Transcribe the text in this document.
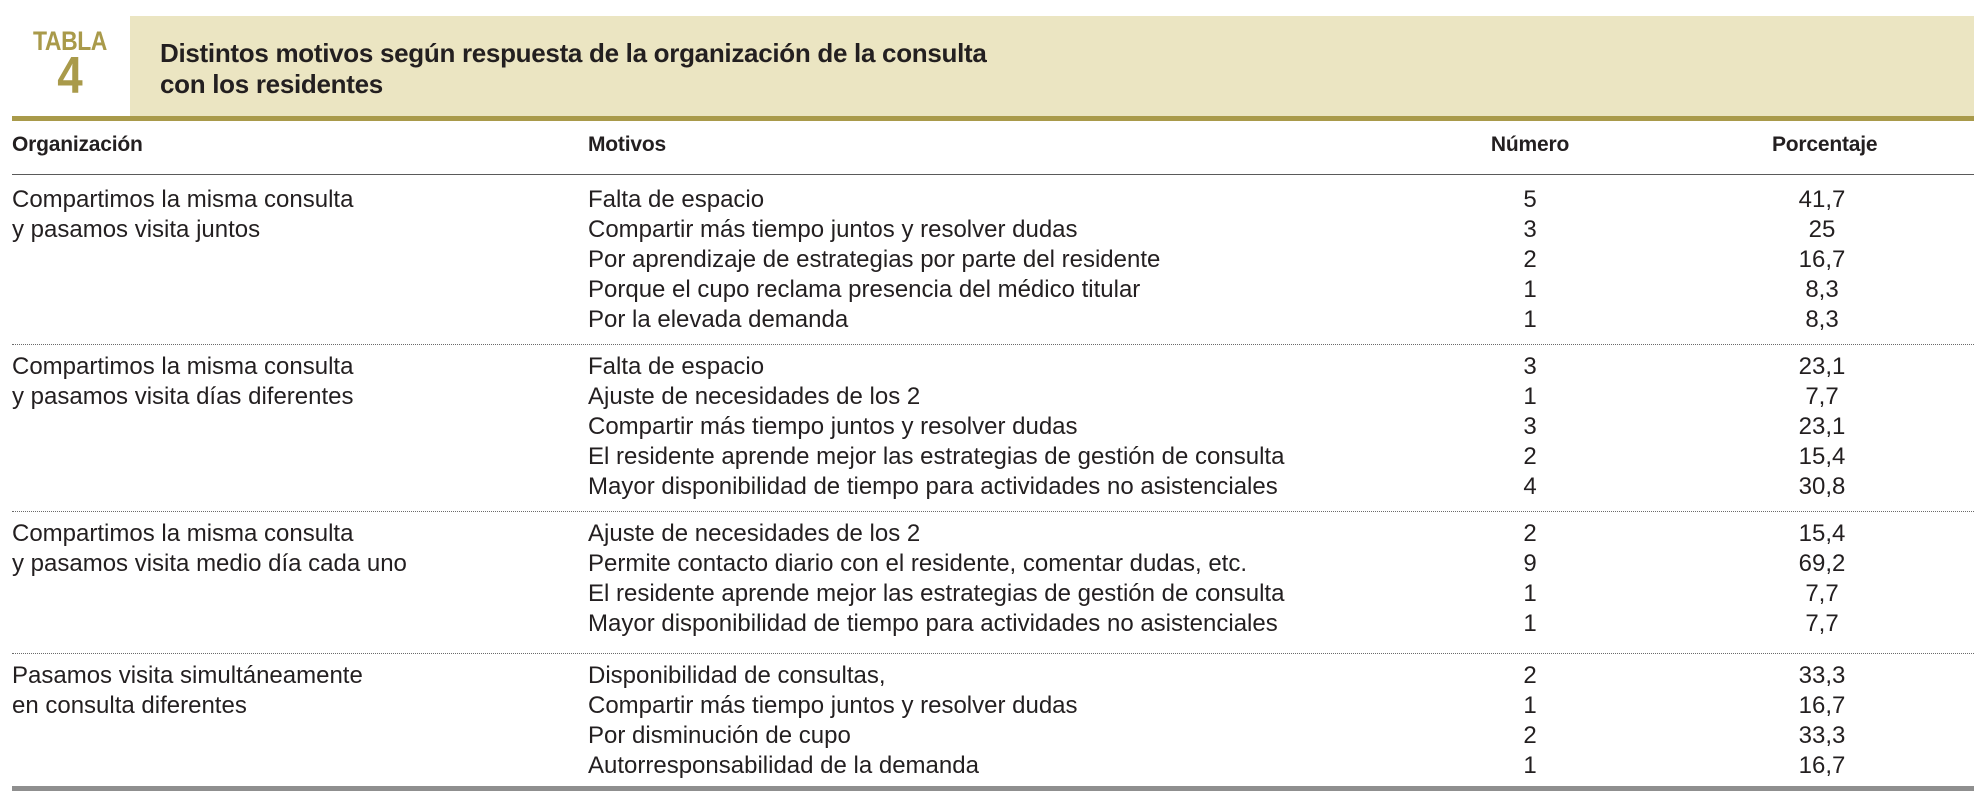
TABLA
4	Distintos motivos según respuesta de la organización de la consulta
con los residentes
Organización	Motivos	Número	Porcentaje
Compartimos la misma consulta
y pasamos visita juntos
Falta de espacio	5	41,7
Compartir más tiempo juntos y resolver dudas	3	25
Por aprendizaje de estrategias por parte del residente	2	16,7
Porque el cupo reclama presencia del médico titular	1	8,3
Por la elevada demanda	1	8,3
Compartimos la misma consulta
y pasamos visita días diferentes
Falta de espacio	3	23,1
Ajuste de necesidades de los 2	1	7,7
Compartir más tiempo juntos y resolver dudas	3	23,1
El residente aprende mejor las estrategias de gestión de consulta	2	15,4
Mayor disponibilidad de tiempo para actividades no asistenciales	4	30,8
Compartimos la misma consulta
y pasamos visita medio día cada uno
Ajuste de necesidades de los 2	2	15,4
Permite contacto diario con el residente, comentar dudas, etc.	9	69,2
El residente aprende mejor las estrategias de gestión de consulta	1	7,7
Mayor disponibilidad de tiempo para actividades no asistenciales	1	7,7
Pasamos visita simultáneamente
en consulta diferentes
Disponibilidad de consultas,	2	33,3
Compartir más tiempo juntos y resolver dudas	1	16,7
Por disminución de cupo	2	33,3
Autorresponsabilidad de la demanda	1	16,7
